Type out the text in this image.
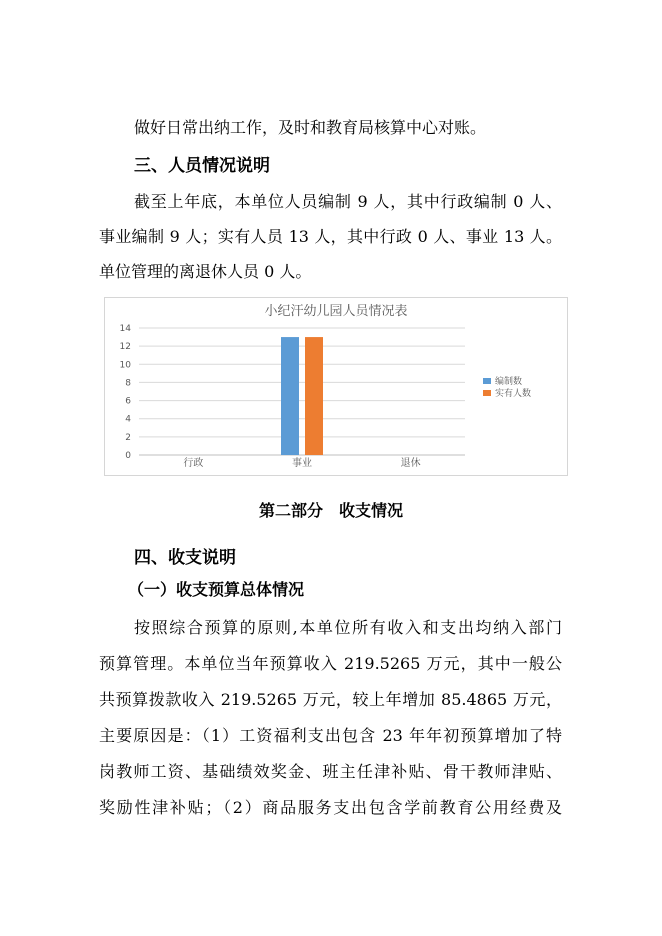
做好日常出纳工作，及时和教育局核算中心对账。
三、人员情况说明
截至上年底，本单位人员编制 9 人，其中行政编制 0 人、
事业编制 9 人；实有人员 13 人，其中行政 0 人、事业 13 人。
单位管理的离退休人员 0 人。
小纪汗幼儿园人员情况表
0
2
4
6
8
10
12
14
行政	事业	退休
编制数
实有人数
第二部分　收支情况
四、收支说明
（一）收支预算总体情况
按照综合预算的原则,本单位所有收入和支出均纳入部门
预算管理。本单位当年预算收入 219.5265 万元，其中一般公
共预算拨款收入 219.5265 万元，较上年增加 85.4865 万元，
主要原因是：（1）工资福利支出包含 23 年年初预算增加了特
岗教师工资、基础绩效奖金、班主任津补贴、骨干教师津贴、
奖励性津补贴；（2）商品服务支出包含学前教育公用经费及
